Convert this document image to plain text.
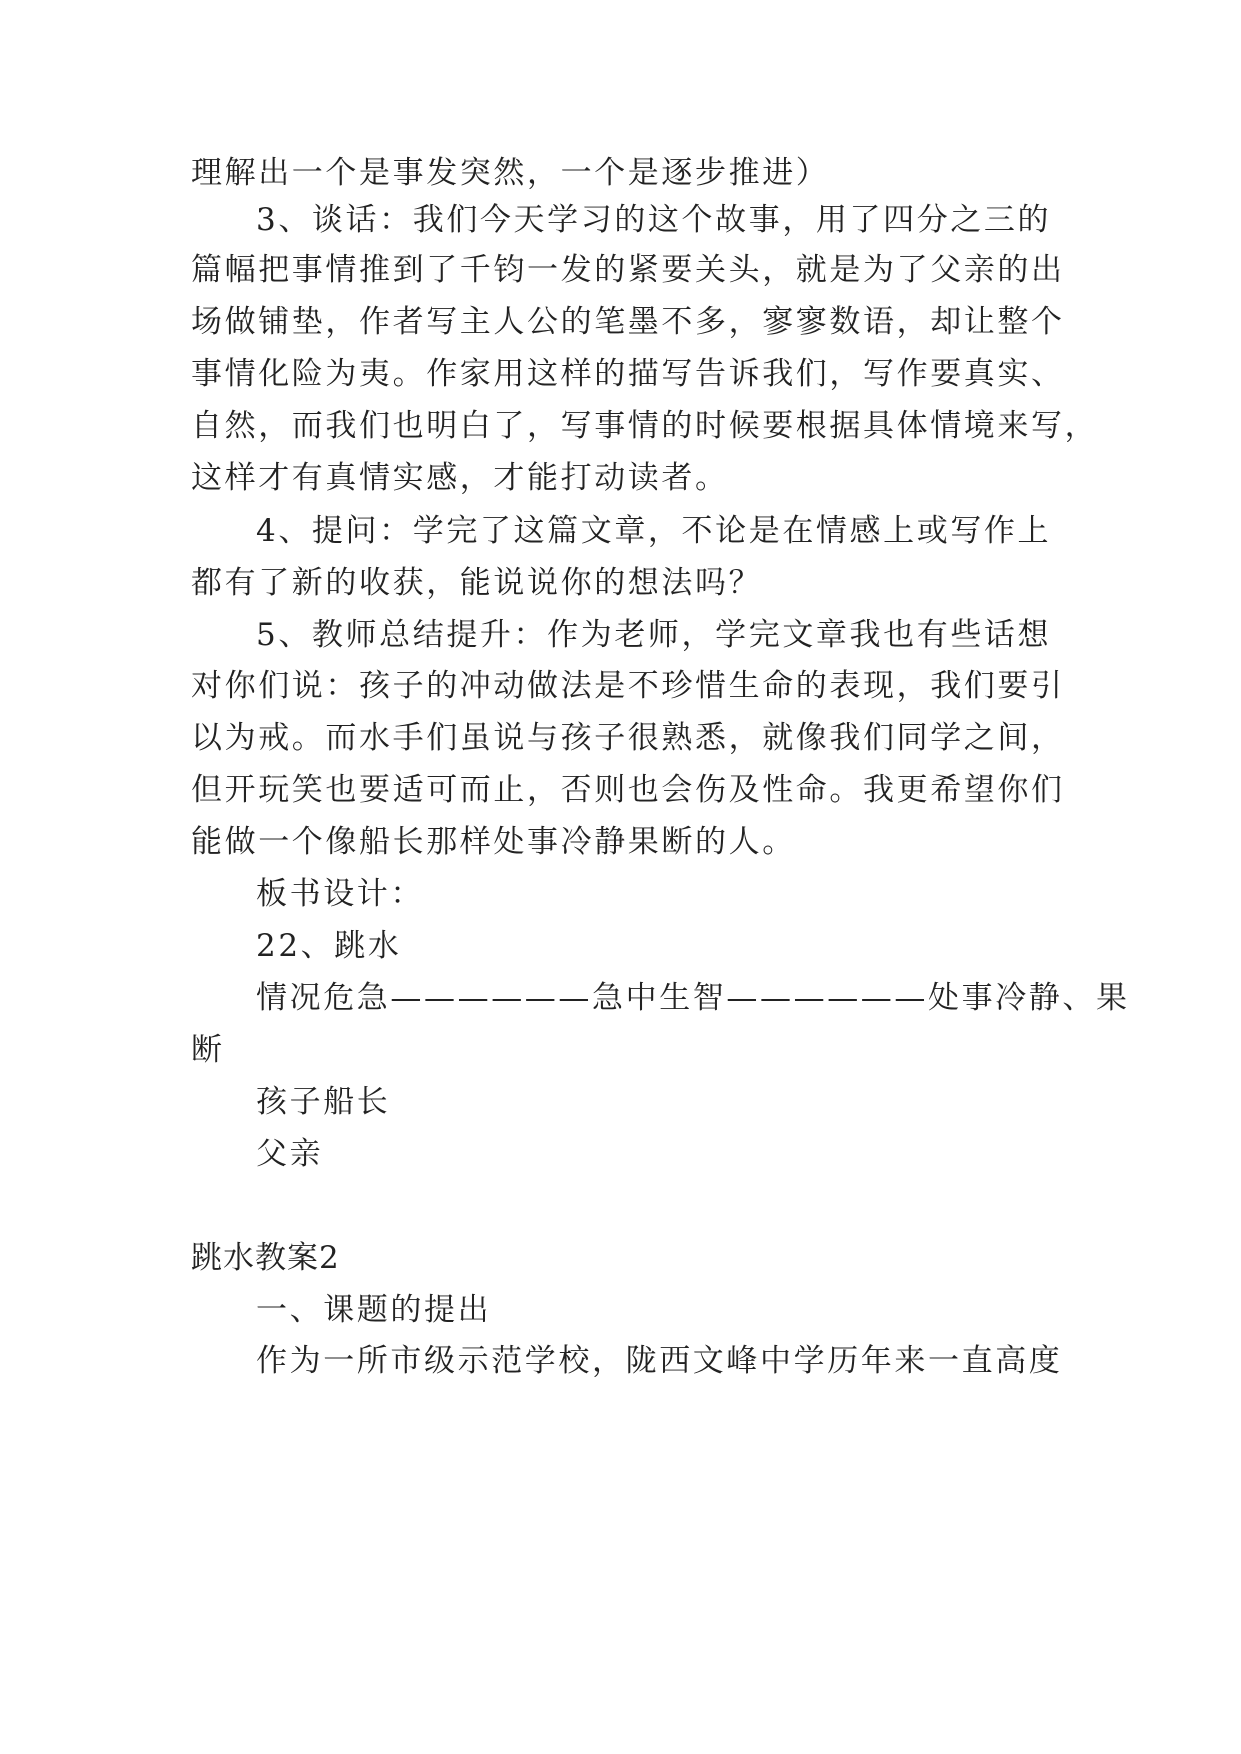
理解出一个是事发突然，一个是逐步推进）

3、谈话：我们今天学习的这个故事，用了四分之三的

篇幅把事情推到了千钧一发的紧要关头，就是为了父亲的出

场做铺垫，作者写主人公的笔墨不多，寥寥数语，却让整个

事情化险为夷。作家用这样的描写告诉我们，写作要真实、

自然，而我们也明白了，写事情的时候要根据具体情境来写，

这样才有真情实感，才能打动读者。

4、提问：学完了这篇文章，不论是在情感上或写作上

都有了新的收获，能说说你的想法吗？

5、教师总结提升：作为老师，学完文章我也有些话想

对你们说：孩子的冲动做法是不珍惜生命的表现，我们要引

以为戒。而水手们虽说与孩子很熟悉，就像我们同学之间，

但开玩笑也要适可而止，否则也会伤及性命。我更希望你们

能做一个像船长那样处事冷静果断的人。

板书设计：

22、跳水

情况危急——————急中生智——————处事冷静、果

断

孩子船长

父亲

跳水教案2

一、课题的提出

作为一所市级示范学校，陇西文峰中学历年来一直高度
